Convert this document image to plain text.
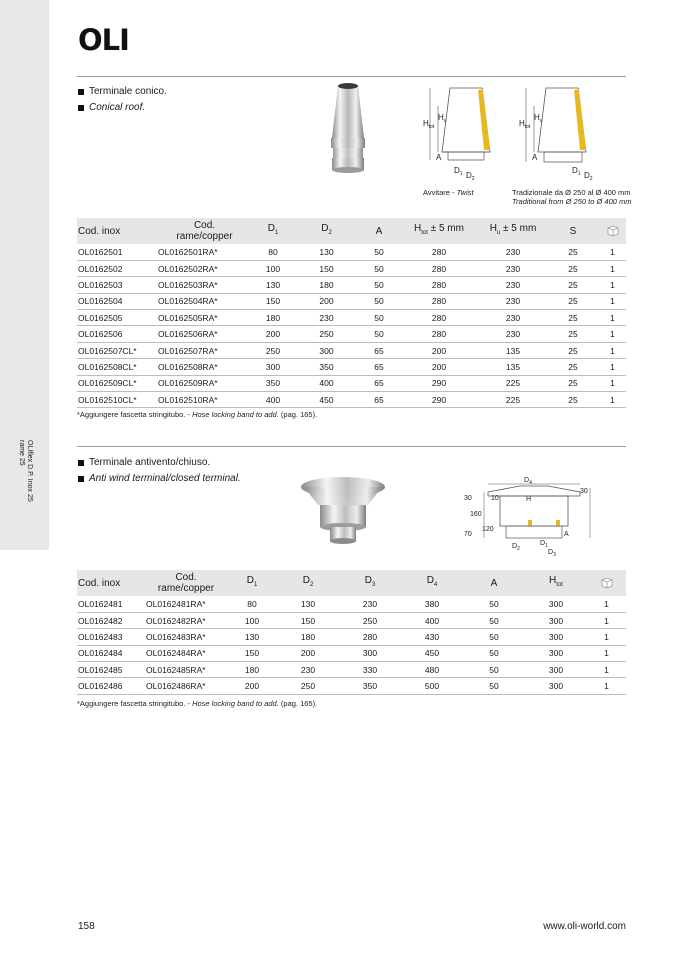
OLIflex D.P. Inox 25
rame 25
OLI
Terminale conico.
Conical roof.
$H_{tot}$
$H_u$
A
$D_1$ $D_2$
$H_{tot}$
$H_u$
A
$D_1$ $D_2$
Avvitare - Twist	Tradizionale da Ø 250 al Ø 400 mm
Traditional from Ø 250 to Ø 400 mm
Cod. inox	Cod.
rame/copper	$D_1$	$D_2$	A	$H_{tot} \pm 5$ mm	$H_u \pm 5$ mm	S	
OL0162501	OL0162501RA*	80	130	50	280	230	25	1
OL0162502	OL0162502RA*	100	150	50	280	230	25	1
OL0162503	OL0162503RA*	130	180	50	280	230	25	1
OL0162504	OL0162504RA*	150	200	50	280	230	25	1
OL0162505	OL0162505RA*	180	230	50	280	230	25	1
OL0162506	OL0162506RA*	200	250	50	280	230	25	1
OL0162507CL*	OL0162507RA*	250	300	65	200	135	25	1
OL0162508CL*	OL0162508RA*	300	350	65	200	135	25	1
OL0162509CL*	OL0162509RA*	350	400	65	290	225	25	1
OL0162510CL*	OL0162510RA*	400	450	65	290	225	25	1
*Aggiungere fascetta stringitubo. - Hose locking band to add. (pag. 165).
Terminale antivento/chiuso.
Anti wind terminal/closed terminal.	$D_4$
30	10
30
H
160
120
70	A
$D_1$
$D_2$	$D_3$
Cod. inox	Cod.
rame/copper	$D_1$	$D_2$	$D_3$	$D_4$	A	$H_{tot}$	
OL0162481	OL0162481RA*	80	130	230	380	50	300	1
OL0162482	OL0162482RA*	100	150	250	400	50	300	1
OL0162483	OL0162483RA*	130	180	280	430	50	300	1
OL0162484	OL0162484RA*	150	200	300	450	50	300	1
OL0162485	OL0162485RA*	180	230	330	480	50	300	1
OL0162486	OL0162486RA*	200	250	350	500	50	300	1
*Aggiungere fascetta stringitubo. - Hose locking band to add. (pag. 165).
158	www.oli-world.com
